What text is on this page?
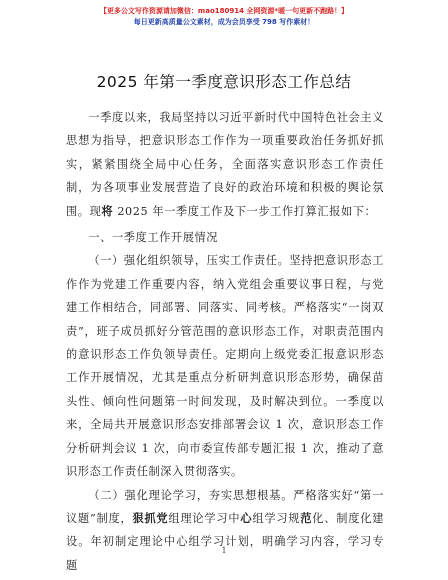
【更多公文写作资源请加微信：mao180914 全网资源*暖一句更新不跑路！】
每日更新高质量公文素材，成为会员享受 798 写作素材！
2025 年第一季度意识形态工作总结

一季度以来，我局坚持以习近平新时代中国特色社会主义思想为指导，把意识形态工作作为一项重要政治任务抓好抓实，紧紧围绕全局中心任务，全面落实意识形态工作责任制，为各项事业发展营造了良好的政治环境和积极的舆论氛围。现将 2025 年一季度工作及下一步工作打算汇报如下：

一、一季度工作开展情况

（一）强化组织领导，压实工作责任。坚持把意识形态工作作为党建工作重要内容，纳入党组会重要议事日程，与党建工作相结合，同部署、同落实、同考核。严格落实“一岗双责”，班子成员抓好分管范围的意识形态工作，对职责范围内的意识形态工作负领导责任。定期向上级党委汇报意识形态工作开展情况，尤其是重点分析研判意识形态形势，确保苗头性、倾向性问题第一时间发现，及时解决到位。一季度以来，全局共开展意识形态安排部署会议 1 次，意识形态工作分析研判会议 1 次，向市委宣传部专题汇报 1 次，推动了意识形态工作责任制深入贯彻落实。

（二）强化理论学习，夯实思想根基。严格落实好“第一议题”制度，狠抓党组理论学习中心组学习规范化、制度化建设。年初制定理论中心组学习计划，明确学习内容，学习专题

1
